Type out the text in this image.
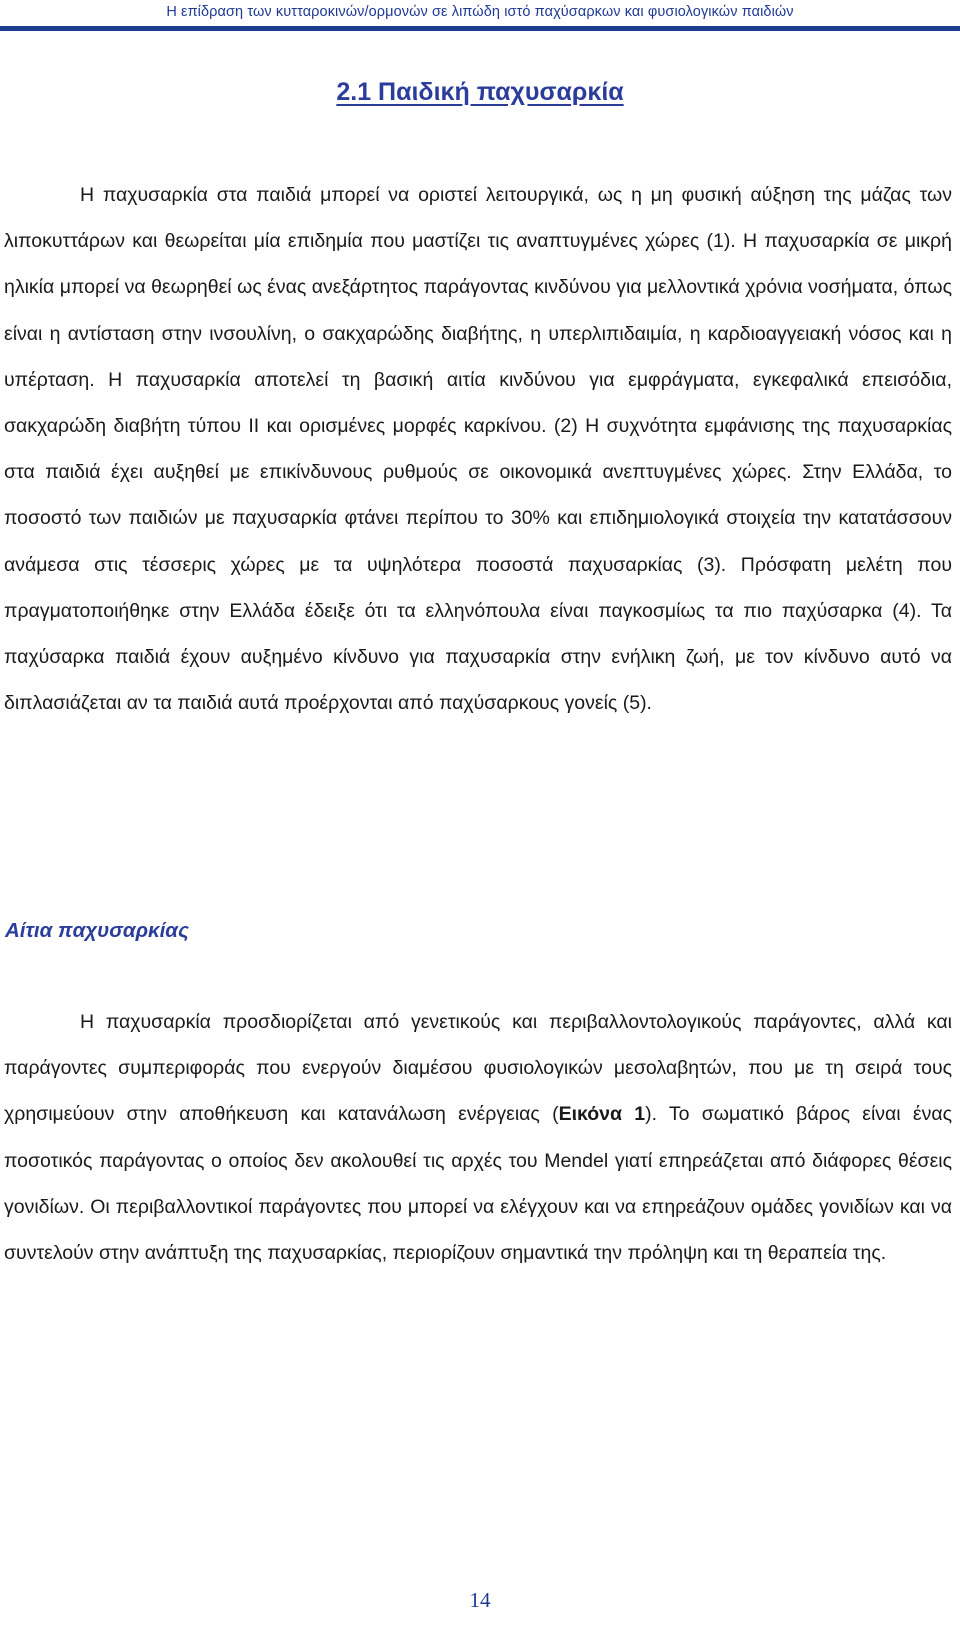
Η επίδραση των κυτταροκινών/ορμονών σε λιπώδη ιστό παχύσαρκων και φυσιολογικών παιδιών
2.1 Παιδική παχυσαρκία

Η παχυσαρκία στα παιδιά μπορεί να οριστεί λειτουργικά, ως η μη φυσική αύξηση της μάζας των λιποκυττάρων και θεωρείται μία επιδημία που μαστίζει τις αναπτυγμένες χώρες (1). Η παχυσαρκία σε μικρή ηλικία μπορεί να θεωρηθεί ως ένας ανεξάρτητος παράγοντας κινδύνου για μελλοντικά χρόνια νοσήματα, όπως είναι η αντίσταση στην ινσουλίνη, ο σακχαρώδης διαβήτης, η υπερλιπιδαιμία, η καρδιοαγγειακή νόσος και η υπέρταση. Η παχυσαρκία αποτελεί τη βασική αιτία κινδύνου για εμφράγματα, εγκεφαλικά επεισόδια, σακχαρώδη διαβήτη τύπου ΙΙ και ορισμένες μορφές καρκίνου. (2) Η συχνότητα εμφάνισης της παχυσαρκίας στα παιδιά έχει αυξηθεί με επικίνδυνους ρυθμούς σε οικονομικά ανεπτυγμένες χώρες. Στην Ελλάδα, το ποσοστό των παιδιών με παχυσαρκία φτάνει περίπου το 30% και επιδημιολογικά στοιχεία την κατατάσσουν ανάμεσα στις τέσσερις χώρες με τα υψηλότερα ποσοστά παχυσαρκίας (3). Πρόσφατη μελέτη που πραγματοποιήθηκε στην Ελλάδα έδειξε ότι τα ελληνόπουλα είναι παγκοσμίως τα πιο παχύσαρκα (4). Τα παχύσαρκα παιδιά έχουν αυξημένο κίνδυνο για παχυσαρκία στην ενήλικη ζωή, με τον κίνδυνο αυτό να διπλασιάζεται αν τα παιδιά αυτά προέρχονται από παχύσαρκους γονείς (5).

Αίτια παχυσαρκίας

Η παχυσαρκία προσδιορίζεται από γενετικούς και περιβαλλοντολογικούς παράγοντες, αλλά και παράγοντες συμπεριφοράς που ενεργούν διαμέσου φυσιολογικών μεσολαβητών, που με τη σειρά τους χρησιμεύουν στην αποθήκευση και κατανάλωση ενέργειας (Εικόνα 1). Το σωματικό βάρος είναι ένας ποσοτικός παράγοντας ο οποίος δεν ακολουθεί τις αρχές του Mendel γιατί επηρεάζεται από διάφορες θέσεις γονιδίων. Οι περιβαλλοντικοί παράγοντες που μπορεί να ελέγχουν και να επηρεάζουν ομάδες γονιδίων και να συντελούν στην ανάπτυξη της παχυσαρκίας, περιορίζουν σημαντικά την πρόληψη και τη θεραπεία της.

14
